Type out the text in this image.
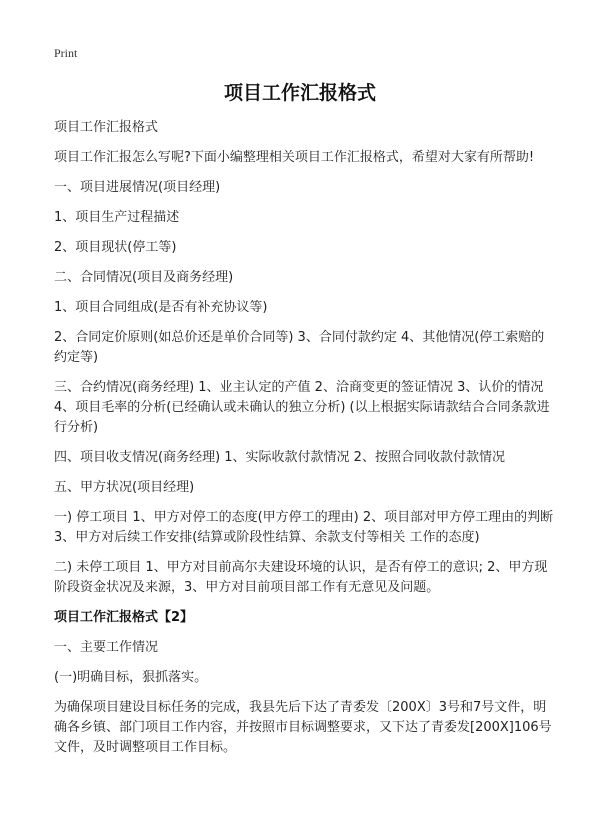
Print
项目工作汇报格式

项目工作汇报格式

项目工作汇报怎么写呢?下面小编整理相关项目工作汇报格式，希望对大家有所帮助!

一、项目进展情况(项目经理)

1、项目生产过程描述

2、项目现状(停工等)

二、合同情况(项目及商务经理)

1、项目合同组成(是否有补充协议等)

2、合同定价原则(如总价还是单价合同等) 3、合同付款约定 4、其他情况(停工索赔的约定等)

三、合约情况(商务经理) 1、业主认定的产值 2、洽商变更的签证情况 3、认价的情况 4、项目毛率的分析(已经确认或未确认的独立分析) (以上根据实际请款结合合同条款进行分析)

四、项目收支情况(商务经理) 1、实际收款付款情况 2、按照合同收款付款情况

五、甲方状况(项目经理)

一) 停工项目 1、甲方对停工的态度(甲方停工的理由) 2、项目部对甲方停工理由的判断 3、甲方对后续工作安排(结算或阶段性结算、余款支付等相关 工作的态度)

二) 未停工项目 1、甲方对目前高尔夫建设环境的认识，是否有停工的意识; 2、甲方现阶段资金状况及来源，3、甲方对目前项目部工作有无意见及问题。

项目工作汇报格式【2】

一、主要工作情况

(一)明确目标，狠抓落实。

为确保项目建设目标任务的完成，我县先后下达了青委发〔200X〕3号和7号文件，明确各乡镇、部门项目工作内容，并按照市目标调整要求，又下达了青委发[200X]106号文件，及时调整项目工作目标。
